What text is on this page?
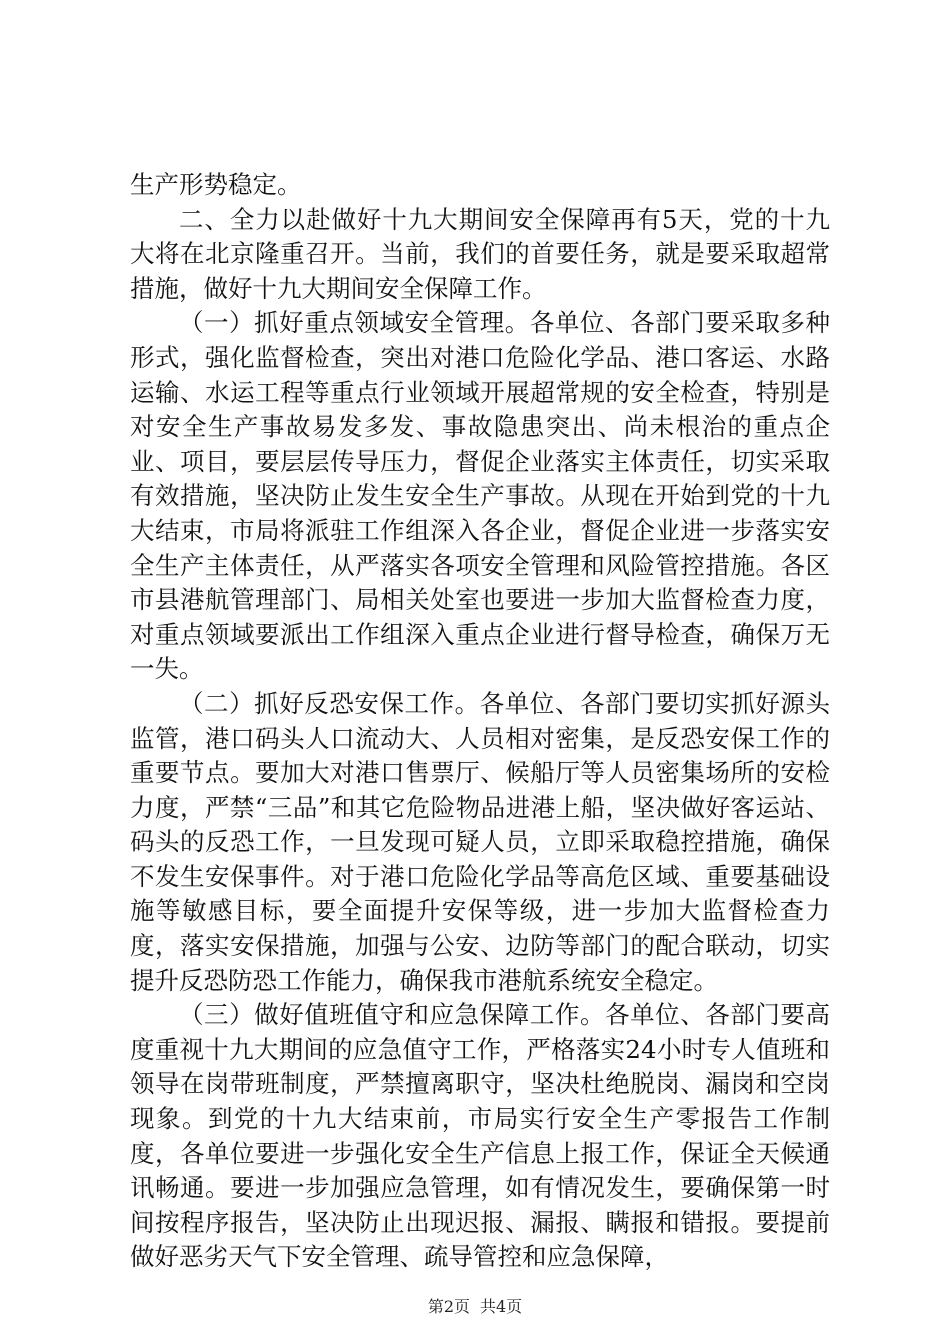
生产形势稳定。

二、全力以赴做好十九大期间安全保障再有5天，党的十九大将在北京隆重召开。当前，我们的首要任务，就是要采取超常措施，做好十九大期间安全保障工作。

（一）抓好重点领域安全管理。各单位、各部门要采取多种形式，强化监督检查，突出对港口危险化学品、港口客运、水路运输、水运工程等重点行业领域开展超常规的安全检查，特别是对安全生产事故易发多发、事故隐患突出、尚未根治的重点企业、项目，要层层传导压力，督促企业落实主体责任，切实采取有效措施，坚决防止发生安全生产事故。从现在开始到党的十九大结束，市局将派驻工作组深入各企业，督促企业进一步落实安全生产主体责任，从严落实各项安全管理和风险管控措施。各区市县港航管理部门、局相关处室也要进一步加大监督检查力度，对重点领域要派出工作组深入重点企业进行督导检查，确保万无一失。

（二）抓好反恐安保工作。各单位、各部门要切实抓好源头监管，港口码头人口流动大、人员相对密集，是反恐安保工作的重要节点。要加大对港口售票厅、候船厅等人员密集场所的安检力度，严禁“三品”和其它危险物品进港上船，坚决做好客运站、码头的反恐工作，一旦发现可疑人员，立即采取稳控措施，确保不发生安保事件。对于港口危险化学品等高危区域、重要基础设施等敏感目标，要全面提升安保等级，进一步加大监督检查力度，落实安保措施，加强与公安、边防等部门的配合联动，切实提升反恐防恐工作能力，确保我市港航系统安全稳定。

（三）做好值班值守和应急保障工作。各单位、各部门要高度重视十九大期间的应急值守工作，严格落实24小时专人值班和领导在岗带班制度，严禁擅离职守，坚决杜绝脱岗、漏岗和空岗现象。到党的十九大结束前，市局实行安全生产零报告工作制度，各单位要进一步强化安全生产信息上报工作，保证全天候通讯畅通。要进一步加强应急管理，如有情况发生，要确保第一时间按程序报告，坚决防止出现迟报、漏报、瞒报和错报。要提前做好恶劣天气下安全管理、疏导管控和应急保障，

第2页 共4页
